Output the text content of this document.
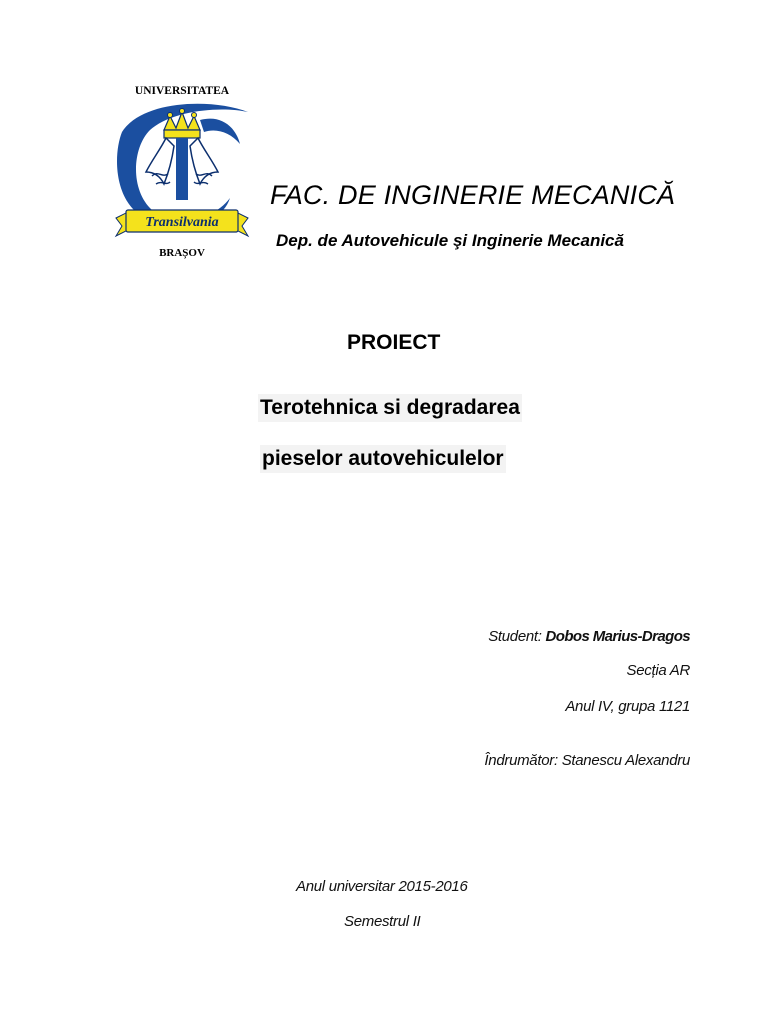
UNIVERSITATEA
Transilvania
BRAȘOV
FAC. DE INGINERIE MECANICĂ
Dep. de Autovehicule şi Inginerie Mecanică
PROIECT
Terotehnica si degradarea
pieselor autovehiculelor
Student: Dobos Marius-Dragos
Secția AR
Anul IV, grupa 1121
Îndrumător: Stanescu Alexandru
Anul universitar 2015-2016
Semestrul II
